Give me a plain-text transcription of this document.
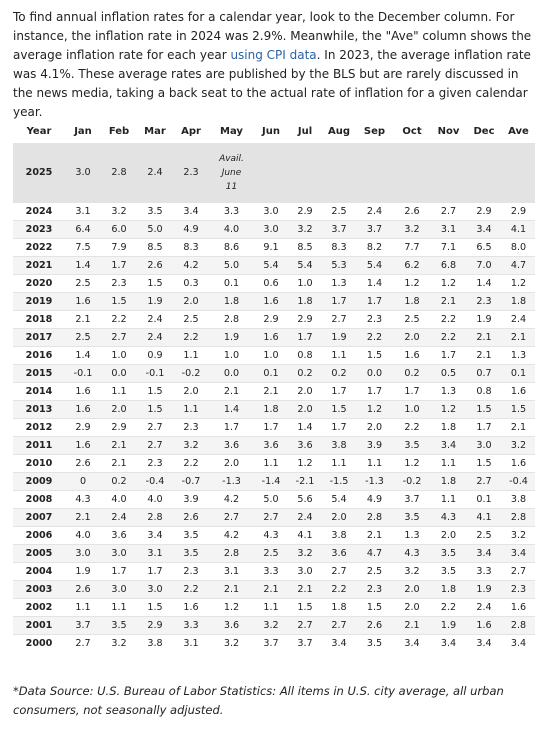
To find annual inflation rates for a calendar year, look to the December column. For instance, the inflation rate in 2024 was 2.9%. Meanwhile, the "Ave" column shows the average inflation rate for each year using CPI data. In 2023, the average inflation rate was 4.1%. These average rates are published by the BLS but are rarely discussed in the news media, taking a back seat to the actual rate of inflation for a given calendar year.

Year	Jan	Feb	Mar	Apr	May	Jun	Jul	Aug	Sep	Oct	Nov	Dec	Ave
2025	3.0	2.8	2.4	2.3	Avail.
June
11								

2024	3.1	3.2	3.5	3.4	3.3	3.0	2.9	2.5	2.4	2.6	2.7	2.9	2.9
2023	6.4	6.0	5.0	4.9	4.0	3.0	3.2	3.7	3.7	3.2	3.1	3.4	4.1
2022	7.5	7.9	8.5	8.3	8.6	9.1	8.5	8.3	8.2	7.7	7.1	6.5	8.0
2021	1.4	1.7	2.6	4.2	5.0	5.4	5.4	5.3	5.4	6.2	6.8	7.0	4.7
2020	2.5	2.3	1.5	0.3	0.1	0.6	1.0	1.3	1.4	1.2	1.2	1.4	1.2
2019	1.6	1.5	1.9	2.0	1.8	1.6	1.8	1.7	1.7	1.8	2.1	2.3	1.8
2018	2.1	2.2	2.4	2.5	2.8	2.9	2.9	2.7	2.3	2.5	2.2	1.9	2.4
2017	2.5	2.7	2.4	2.2	1.9	1.6	1.7	1.9	2.2	2.0	2.2	2.1	2.1
2016	1.4	1.0	0.9	1.1	1.0	1.0	0.8	1.1	1.5	1.6	1.7	2.1	1.3
2015	-0.1	0.0	-0.1	-0.2	0.0	0.1	0.2	0.2	0.0	0.2	0.5	0.7	0.1
2014	1.6	1.1	1.5	2.0	2.1	2.1	2.0	1.7	1.7	1.7	1.3	0.8	1.6
2013	1.6	2.0	1.5	1.1	1.4	1.8	2.0	1.5	1.2	1.0	1.2	1.5	1.5
2012	2.9	2.9	2.7	2.3	1.7	1.7	1.4	1.7	2.0	2.2	1.8	1.7	2.1
2011	1.6	2.1	2.7	3.2	3.6	3.6	3.6	3.8	3.9	3.5	3.4	3.0	3.2
2010	2.6	2.1	2.3	2.2	2.0	1.1	1.2	1.1	1.1	1.2	1.1	1.5	1.6
2009	0	0.2	-0.4	-0.7	-1.3	-1.4	-2.1	-1.5	-1.3	-0.2	1.8	2.7	-0.4
2008	4.3	4.0	4.0	3.9	4.2	5.0	5.6	5.4	4.9	3.7	1.1	0.1	3.8
2007	2.1	2.4	2.8	2.6	2.7	2.7	2.4	2.0	2.8	3.5	4.3	4.1	2.8
2006	4.0	3.6	3.4	3.5	4.2	4.3	4.1	3.8	2.1	1.3	2.0	2.5	3.2
2005	3.0	3.0	3.1	3.5	2.8	2.5	3.2	3.6	4.7	4.3	3.5	3.4	3.4
2004	1.9	1.7	1.7	2.3	3.1	3.3	3.0	2.7	2.5	3.2	3.5	3.3	2.7
2003	2.6	3.0	3.0	2.2	2.1	2.1	2.1	2.2	2.3	2.0	1.8	1.9	2.3
2002	1.1	1.1	1.5	1.6	1.2	1.1	1.5	1.8	1.5	2.0	2.2	2.4	1.6
2001	3.7	3.5	2.9	3.3	3.6	3.2	2.7	2.7	2.6	2.1	1.9	1.6	2.8
2000	2.7	3.2	3.8	3.1	3.2	3.7	3.7	3.4	3.5	3.4	3.4	3.4	3.4

*Data Source: U.S. Bureau of Labor Statistics: All items in U.S. city average, all urban consumers, not seasonally adjusted.
